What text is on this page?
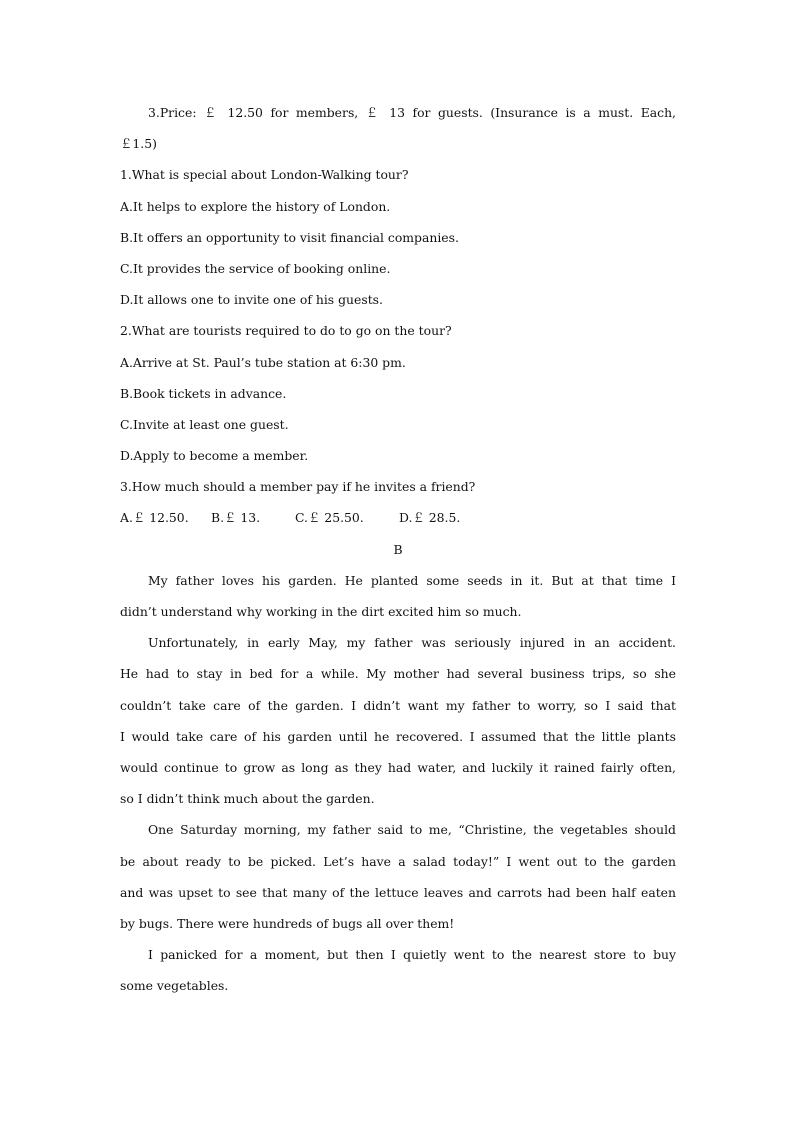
3.Price: ￡ 12.50 for members, ￡ 13 for guests. (Insurance is a must. Each,
￡1.5)
1.What is special about London-Walking tour?
A.It helps to explore the history of London.
B.It offers an opportunity to visit financial companies.
C.It provides the service of booking online.
D.It allows one to invite one of his guests.
2.What are tourists required to do to go on the tour?
A.Arrive at St. Paul’s tube station at 6:30 pm.
B.Book tickets in advance.
C.Invite at least one guest.
D.Apply to become a member.
3.How much should a member pay if he invites a friend?
A.￡ 12.50. B.￡ 13.	C.￡ 25.50.	D.￡ 28.5.
B
My father loves his garden. He planted some seeds in it. But at that time I
didn’t understand why working in the dirt excited him so much.
Unfortunately, in early May, my father was seriously injured in an accident.
He had to stay in bed for a while. My mother had several business trips, so she
couldn’t take care of the garden. I didn’t want my father to worry, so I said that
I would take care of his garden until he recovered. I assumed that the little plants
would continue to grow as long as they had water, and luckily it rained fairly often,
so I didn’t think much about the garden.
One Saturday morning, my father said to me, “Christine, the vegetables should
be about ready to be picked. Let’s have a salad today!” I went out to the garden
and was upset to see that many of the lettuce leaves and carrots had been half eaten
by bugs. There were hundreds of bugs all over them!
I panicked for a moment, but then I quietly went to the nearest store to buy
some vegetables.
